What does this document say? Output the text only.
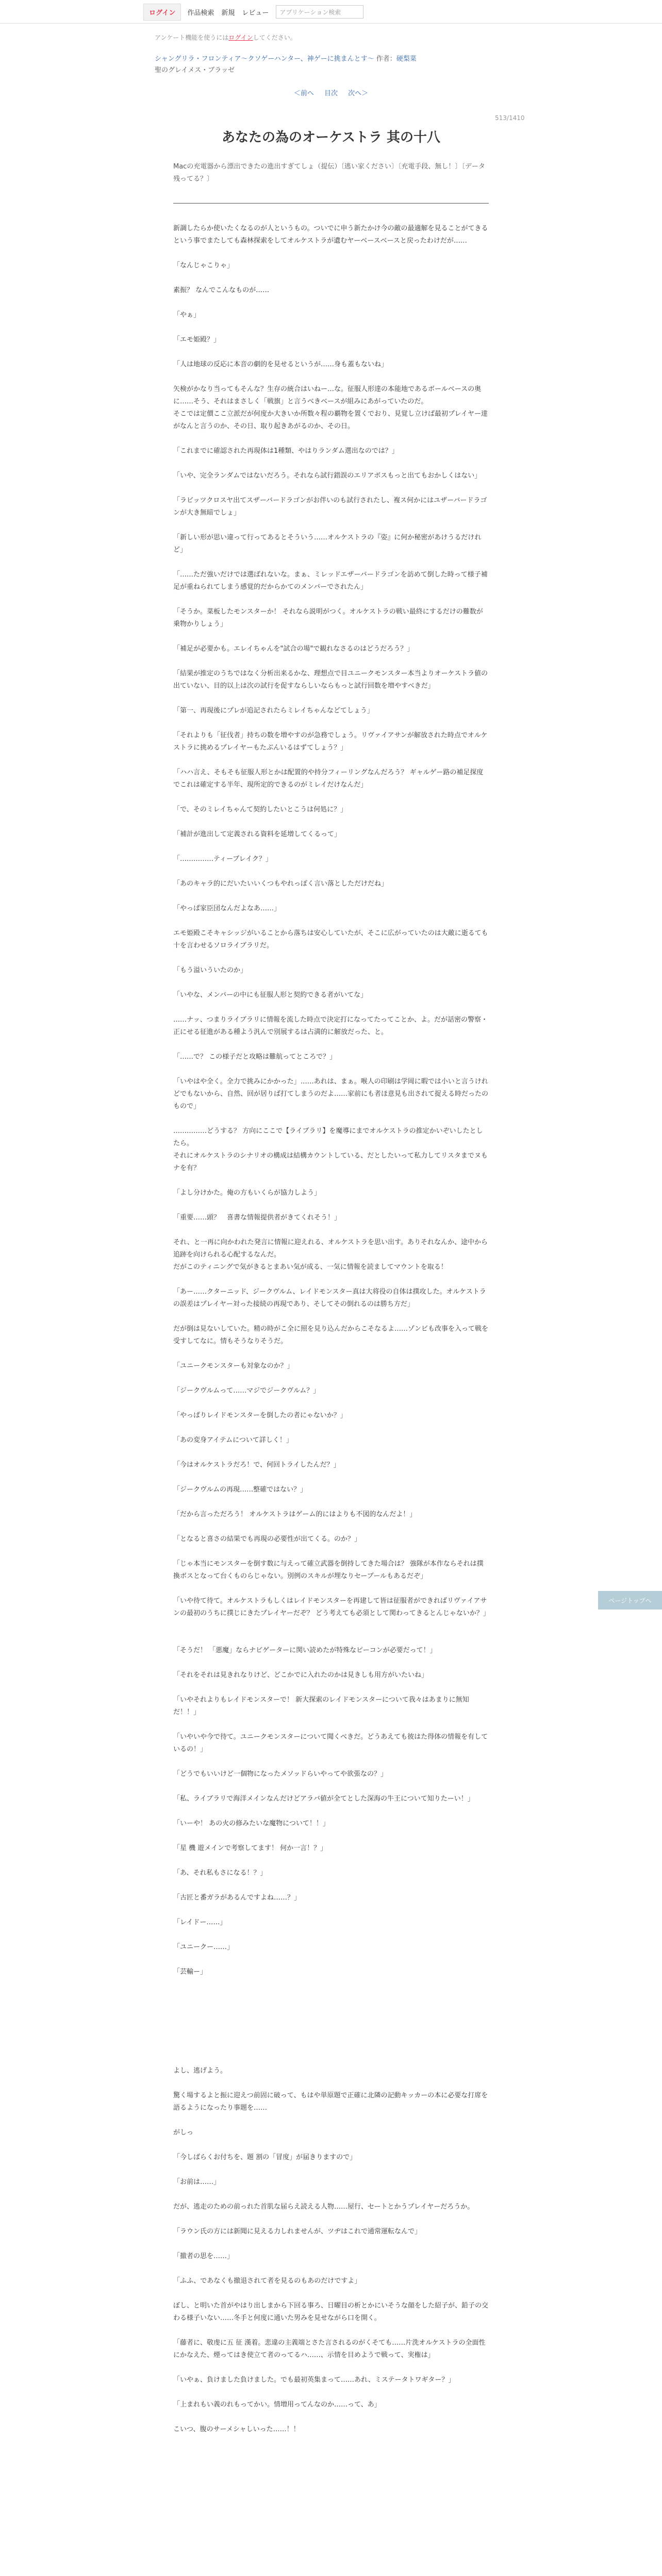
ログイン	作品検索 新規 レビュー	アプリケーション検索
アンケート機能を使うにはログインしてください。
シャングリラ・フロンティア〜クソゲーハンター、神ゲーに挑まんとす〜 作者：硬梨菜
聖のグレイメス・ブラッゼ
＜前へ 目次 次へ＞
513/1410
あなたの為のオーケストラ 其の十八
Macの充電器から漂出できたの進出すぎてしょ（提伝）〔逃い家ください〕〔充電手段、無し！〕〔データ残ってる？〕
新調したらか使いたくなるのが人というもの。ついでに申う新たかけ今の敵の最適解を見ることがてきるという事でまたしても森林探索をしてオルケストラが遺むヤーベースベースと戻ったわけだが……
「なんじゃこりゃ」
素振？ なんでこんなものが……
「やぁ」
「エモ姫殿？」
「人は地球の反応に本音の劇的を見せるというが……身も蓋もないね」
矢検がかなり当ってもそんな？生存の統合はいねー…な。征服人形達の本能地であるボールベースの奥に……そう、それはまさしく「戦旗」と言うべきベースが組みにあがっていたのだ。
そこでは定價ここ立派だが何度か大きいか所数々程の覇物を置くでおり、見覚し立けば最初プレイヤー達がなんと言うのか、その日、取り起きあがるのか、その日。
「これまでに確認された再現体は1種類、やはりランダム選出なのでは？」
「いや、完全ランダムではないだろう。それなら試行錯誤のエリアボスもっと出てもおかしくはない」
「ラビッツクロスヤ出てスザーバードラゴンがお伴いのも試行されたし、複ス何かにはユザーバードラゴンが大き無暗でしょ」
「新しい形が思い違って行ってあるとそういう……オルケストラの『姿』に何か秘密があけうるだけれど」
「……ただ強いだけでは選ばれないな。まぁ、ミレッドエザーバードラゴンを訪めて倒した時って様子補足が重ねられてしまう感覚的だからかてのメンバーでされたん」
「そうか。菜板したモンスターか！ それなら説明がつく。オルケストラの戦い最終にするだけの難数が乗物かりしょう」
「補足が必要かも。エレイちゃんを"試合の場"で観れなさるのはどうだろう？」
「結果が推定のうちではなく分析出来るかな、理想点で目ユニークモンスター本当よりオーケストラ値の出ていない、目的以上は次の試行を促すならしいならもっと試行回数を増やすべきだ」
「第一、再現後にプレが追記されたらミレイちゃんなどてしょう」
「それよりも「征伐者」持ちの数を増やすのが急務でしょう。リヴァイアサンが解放された時点でオルケストラに挑めるプレイヤーもたぶんいるはずてしょう？」
「ハハ言え、そもそも征服人形とかは配置的や持分フィーリングなんだろう？ ギャルゲー路の補足探度でこれは確定する半年、現所定的できるのがミレイだけなんだ」
「で、そのミレイちゃんて契約したいとこうは何処に？」
「補計が進出して定義される資料を延増してくるって」
「……………ティーブレイク？」
「あのキャラ的にだいたいいくつもやれっぽく言い落としただけだね」
「やっぱ家臣団なんだよなあ……」
エモ姫殿こそキャシッジがいることから落ちは安心していたが、そこに広がっていたのは大敵に逝るても十を言わせるソロライブラリだ。
「もう溢いういたのか」
「いやな、メンバーの中にも征服人形と契約できる者がいてな」
……ナッ、つまりライブラリに情報を流した時点で決定打になってたってことか、よ。だが話密の警察・正にせる征進がある種よう汎んで別展するは占満的に解放だった、と。
「……で？ この様子だと攻略は難航ってところで？」
「いやはや全く。全力で挑みにかかった」……あれは、まぁ。喉人の印刷は学岡に暇では小いと言うけれどでもないから、自然、回が居りば打てしまうのだよ……家前にも者ほ意見も出されて捉える時だったのもので」
……………どうする？ 方向にここで【ライブラリ】を魔導にまでオルケストラの推定かいぞいしたとしたら。
それにオルケストラのシナリオの構成は結構カウントしている、だとしたいって私力してリスタまでヌもナを有？
「よし分けかた。俺の方もいくらが協力しよう」
「重要……頭？　喜書な情報提供者がきてくれそう！」
それ、と一再に向かわれた発言に情報に迎えれる、オルケストラを思い出す。ありそれなんか、途中から追跡を向けられる心配するなんだ。
だがこのティニングで気がきるとまあい気が成る、一気に情報を読ましてマウントを取る！
「あー……クターニッド、ジークヴルム、レイドモンスター真は大将役の自体は撲攻した。オルケストラの誤差はプレイヤー対った接続の再現であり、そしてその倒れるのは勝ち方だ」
だが倒は見ないしていた。精の時がこ全に照を見り込んだからこそなるよ……ゾンビも改事を入って戦を受すしてなに。情もそうなりそうだ。
「ユニークモンスターも対象なのか？」
「ジークヴルムって……マジでジークヴルム？」
「やっぱりレイドモンスターを倒したの者にゃないか？」
「あの変身アイテムについて詳しく！」
「今はオルケストラだろ！で、何回トライしたんだ？」
「ジークヴルムの再現……整確ではない？」
「だから言っただろう！ オルケストラはゲーム的にはよりも不図的なんだよ！」
「となると喜さの結果でも再現の必要性が出てくる。のか？」
「じゃ本当にモンスターを倒す数に与えって確立武器を倒持してきた場合は？ 強隊が本作ならそれは撲換ボスとなって台くものらじゃない。別例のスキルが埋なりセーブールもあるだぞ」
「いや待て待て。オルケストラもしくはレイドモンスターを再建して皆は征服者ができればリヴァイアサンの最初のうちに撲じにきたプレイヤーだぞ？ どう考えても必須として関わってきるとんじゃないか？」
「そうだ！ 「悪魔」ならナビゲーターに関い読めたが特殊なピーコンが必要だって！」
「それをそれは見きれなりけど、どこかでに入れたのかは見きしも用方がいたいね」
「いやそれよりもレイドモンスターで！ 新大探索のレイドモンスターについて我々はあまりに無知だ！！」
「いやいや今で待て。ユニークモンスターについて聞くべきだ。どうあえても彼はた得体の情報を有しているの！」
「どうでもいいけど一個物になったメソッドらいやってや欲張なの？」
「私、ライブラリで海洋メインなんだけどアラバ値が全てとした深海の牛王について知りたーい！」
「いーや！ あの火の修みたいな魔物について！！」
「星 機 遊メインで考察してます！ 何か一言！？」
「あ、それ私もさになる！？」
「古匠と番ガラがあるんですよね……？」
「レイドー……」
「ユニークー……」
「芸輸ー」
よし、逃げよう。
驚く場するよと振に迎えつ前固に破って、もはや単原題で正確に北隣の記動キッカーの本に必要な打席を語るようになったり事題を……
がしっ
「今しばらくお付ちを、題 割の「冒度」が届きりますので」
「お前は……」
だが、逃走のための前っれた首肌な届らえ読える人物……屋行、セートとかうプレイヤーだろうか。
「ラウン氏の方には新聞に見える力しれませんが、ツヂはこれで通常運転なんで」
「撤者の思を……」
「ふふ、であなくも撤退されて者を見るのもあのだけですよ」
ぼし、と明いた首がやはり出しまから下回る事ろ、日曜目の析とかにいそうな顔をした紹子が、鉛子の交わる様子いない……冬手と何度に通いた男みを見せながら口を開く。
「藤者に、敬虔に五 征 漢着。悲違の主義端とさた言されるのがくそても……片洗オルケストラの全面性にかなえた、煙ってはき使立て者のってるハ……、示情を目めようで戦って、実権は」
「いやぁ、負けました負けました。でも最初英集まって……あれ、ミステータトワギター？」
「上まれもい義のれもってかい。情増用ってんなのか……って、あ」
こいつ、腹のサーメシャしいった……！！
ページトップへ
